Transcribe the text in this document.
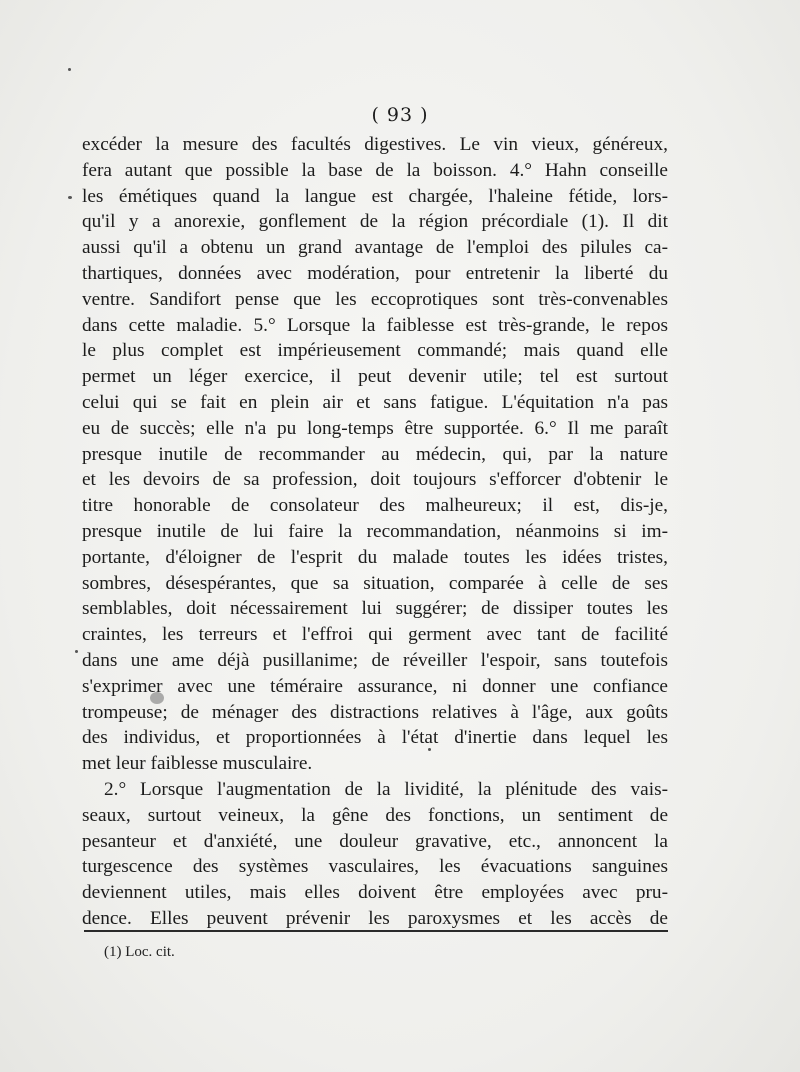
( 93 )
excéder la mesure des facultés digestives. Le vin vieux, généreux,
fera autant que possible la base de la boisson. 4.° Hahn conseille
les émétiques quand la langue est chargée, l'haleine fétide, lors-
qu'il y a anorexie, gonflement de la région précordiale (1). Il dit
aussi qu'il a obtenu un grand avantage de l'emploi des pilules ca-
thartiques, données avec modération, pour entretenir la liberté du
ventre. Sandifort pense que les eccoprotiques sont très-convenables
dans cette maladie. 5.° Lorsque la faiblesse est très-grande, le repos
le plus complet est impérieusement commandé; mais quand elle
permet un léger exercice, il peut devenir utile; tel est surtout
celui qui se fait en plein air et sans fatigue. L'équitation n'a pas
eu de succès; elle n'a pu long-temps être supportée. 6.° Il me paraît
presque inutile de recommander au médecin, qui, par la nature
et les devoirs de sa profession, doit toujours s'efforcer d'obtenir le
titre honorable de consolateur des malheureux; il est, dis-je,
presque inutile de lui faire la recommandation, néanmoins si im-
portante, d'éloigner de l'esprit du malade toutes les idées tristes,
sombres, désespérantes, que sa situation, comparée à celle de ses
semblables, doit nécessairement lui suggérer; de dissiper toutes les
craintes, les terreurs et l'effroi qui germent avec tant de facilité
dans une ame déjà pusillanime; de réveiller l'espoir, sans toutefois
s'exprimer avec une téméraire assurance, ni donner une confiance
trompeuse; de ménager des distractions relatives à l'âge, aux goûts
des individus, et proportionnées à l'état d'inertie dans lequel les
met leur faiblesse musculaire.
2.° Lorsque l'augmentation de la lividité, la plénitude des vais-
seaux, surtout veineux, la gêne des fonctions, un sentiment de
pesanteur et d'anxiété, une douleur gravative, etc., annoncent la
turgescence des systèmes vasculaires, les évacuations sanguines
deviennent utiles, mais elles doivent être employées avec pru-
dence. Elles peuvent prévenir les paroxysmes et les accès de
(1) Loc. cit.
